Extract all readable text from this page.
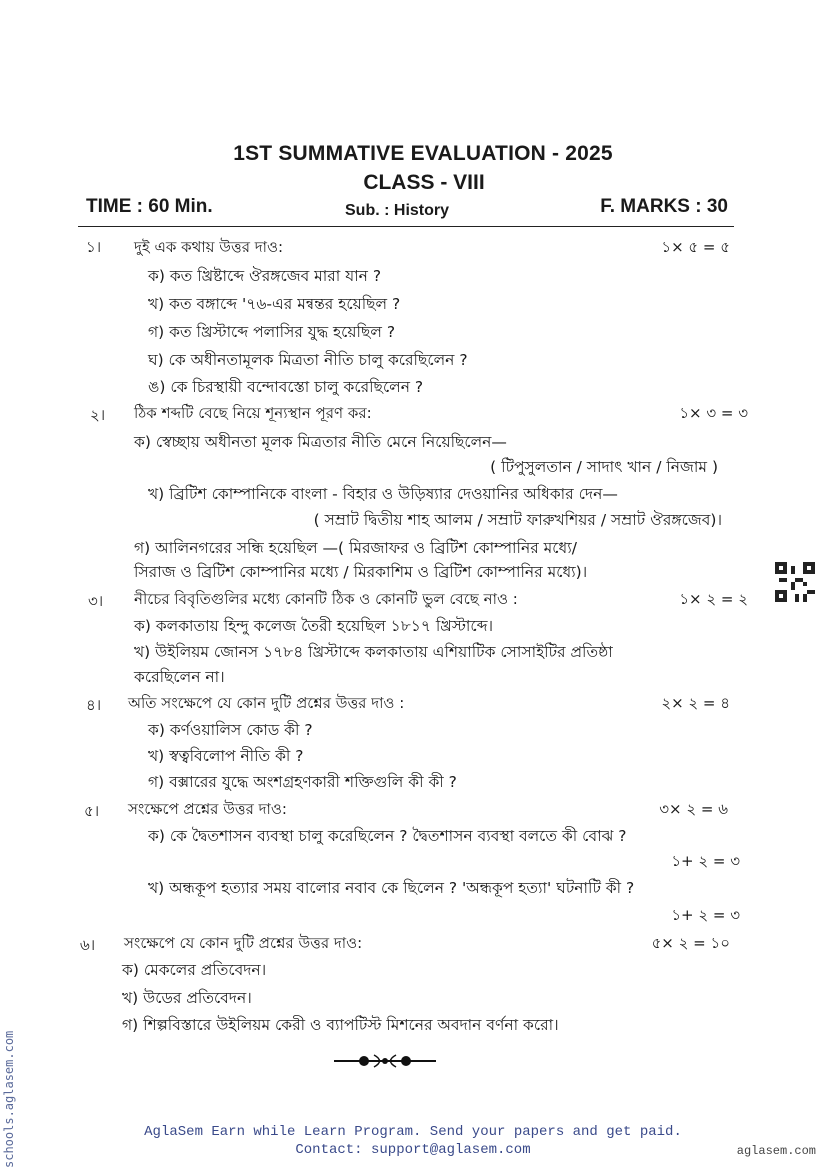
1ST SUMMATIVE EVALUATION - 2025
CLASS - VIII
TIME : 60 Min.	Sub. : History	F. MARKS : 30
১। দুই এক কথায় উত্তর দাও:	১× ৫ = ৫
ক) কত খ্রিষ্টাব্দে ঔরঙ্গজেব মারা যান ?
খ) কত বঙ্গাব্দে '৭৬-এর মন্বন্তর হয়েছিল ?
গ) কত খ্রিস্টাব্দে পলাসির যুদ্ধ হয়েছিল ?
ঘ) কে অধীনতামূলক মিত্রতা নীতি চালু করেছিলেন ?
ঙ) কে চিরস্থায়ী বন্দোবস্তো চালু করেছিলেন ?
২। ঠিক শব্দটি বেছে নিয়ে শূন্যস্থান পূরণ কর:	১× ৩ = ৩
ক) স্বেচ্ছায় অধীনতা মূলক মিত্রতার নীতি মেনে নিয়েছিলেন—
( টিপুসুলতান / সাদাৎ খান / নিজাম )
খ) ব্রিটিশ কোম্পানিকে বাংলা - বিহার ও উড়িষ্যার দেওয়ানির অধিকার দেন—
( সম্রাট দ্বিতীয় শাহ আলম / সম্রাট ফারুখশিয়র / সম্রাট ঔরঙ্গজেব)।
গ) আলিনগরের সন্ধি হয়েছিল —( মিরজাফর ও ব্রিটিশ কোম্পানির মধ্যে/
সিরাজ ও ব্রিটিশ কোম্পানির মধ্যে / মিরকাশিম ও ব্রিটিশ কোম্পানির মধ্যে)।
৩। নীচের বিবৃতিগুলির মধ্যে কোনটি ঠিক ও কোনটি ভুল বেছে নাও :	১× ২ = ২
ক) কলকাতায় হিন্দু কলেজ তৈরী হয়েছিল ১৮১৭ খ্রিস্টাব্দে।
খ) উইলিয়ম জোনস ১৭৮৪ খ্রিস্টাব্দে কলকাতায় এশিয়াটিক সোসাইটির প্রতিষ্ঠা
করেছিলেন না।
৪। অতি সংক্ষেপে যে কোন দুটি প্রশ্নের উত্তর দাও :	২× ২ = ৪
ক) কর্ণওয়ালিস কোড কী ?
খ) স্বত্ববিলোপ নীতি কী ?
গ) বক্সারের যুদ্ধে অংশগ্রহণকারী শক্তিগুলি কী কী ?
৫। সংক্ষেপে প্রশ্নের উত্তর দাও:	৩× ২ = ৬
ক) কে দ্বৈতশাসন ব্যবস্থা চালু করেছিলেন ? দ্বৈতশাসন ব্যবস্থা বলতে কী বোঝ ?
১+ ২ = ৩
খ) অন্ধকূপ হত্যার সময় বালোর নবাব কে ছিলেন ? 'অন্ধকূপ হত্যা' ঘটনাটি কী ?
১+ ২ = ৩
৬। সংক্ষেপে যে কোন দুটি প্রশ্নের উত্তর দাও:	৫× ২ = ১০
ক) মেকলের প্রতিবেদন।
খ) উডের প্রতিবেদন।
গ) শিল্পবিস্তারে উইলিয়ম কেরী ও ব্যাপটিস্ট মিশনের অবদান বর্ণনা করো।
schools.aglasem.com	AglaSem Earn while Learn Program. Send your papers and get paid.
Contact: support@aglasem.com	aglasem.com
